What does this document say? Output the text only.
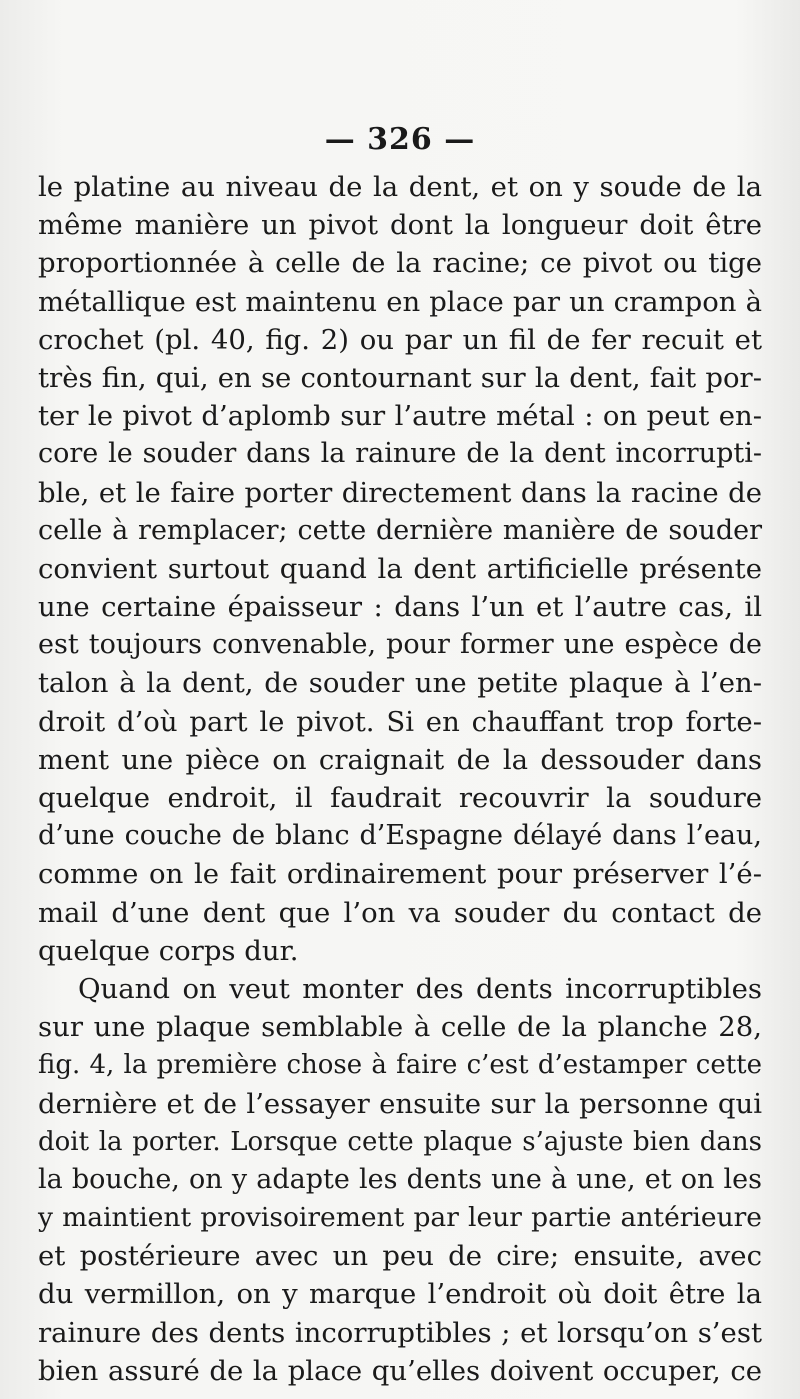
— 326 —
le platine au niveau de la dent, et on y soude de la
même manière un pivot dont la longueur doit être
proportionnée à celle de la racine; ce pivot ou tige
métallique est maintenu en place par un crampon à
crochet (pl. 40, fig. 2) ou par un fil de fer recuit et
très fin, qui, en se contournant sur la dent, fait por-
ter le pivot d’aplomb sur l’autre métal : on peut en-
core le souder dans la rainure de la dent incorrupti-
ble, et le faire porter directement dans la racine de
celle à remplacer; cette dernière manière de souder
convient surtout quand la dent artificielle présente
une certaine épaisseur : dans l’un et l’autre cas, il
est toujours convenable, pour former une espèce de
talon à la dent, de souder une petite plaque à l’en-
droit d’où part le pivot. Si en chauffant trop forte-
ment une pièce on craignait de la dessouder dans
quelque endroit, il faudrait recouvrir la soudure
d’une couche de blanc d’Espagne délayé dans l’eau,
comme on le fait ordinairement pour préserver l’é-
mail d’une dent que l’on va souder du contact de
quelque corps dur.
Quand on veut monter des dents incorruptibles
sur une plaque semblable à celle de la planche 28,
fig. 4, la première chose à faire c’est d’estamper cette
dernière et de l’essayer ensuite sur la personne qui
doit la porter. Lorsque cette plaque s’ajuste bien dans
la bouche, on y adapte les dents une à une, et on les
y maintient provisoirement par leur partie antérieure
et postérieure avec un peu de cire; ensuite, avec
du vermillon, on y marque l’endroit où doit être la
rainure des dents incorruptibles ; et lorsqu’on s’est
bien assuré de la place qu’elles doivent occuper, ce
